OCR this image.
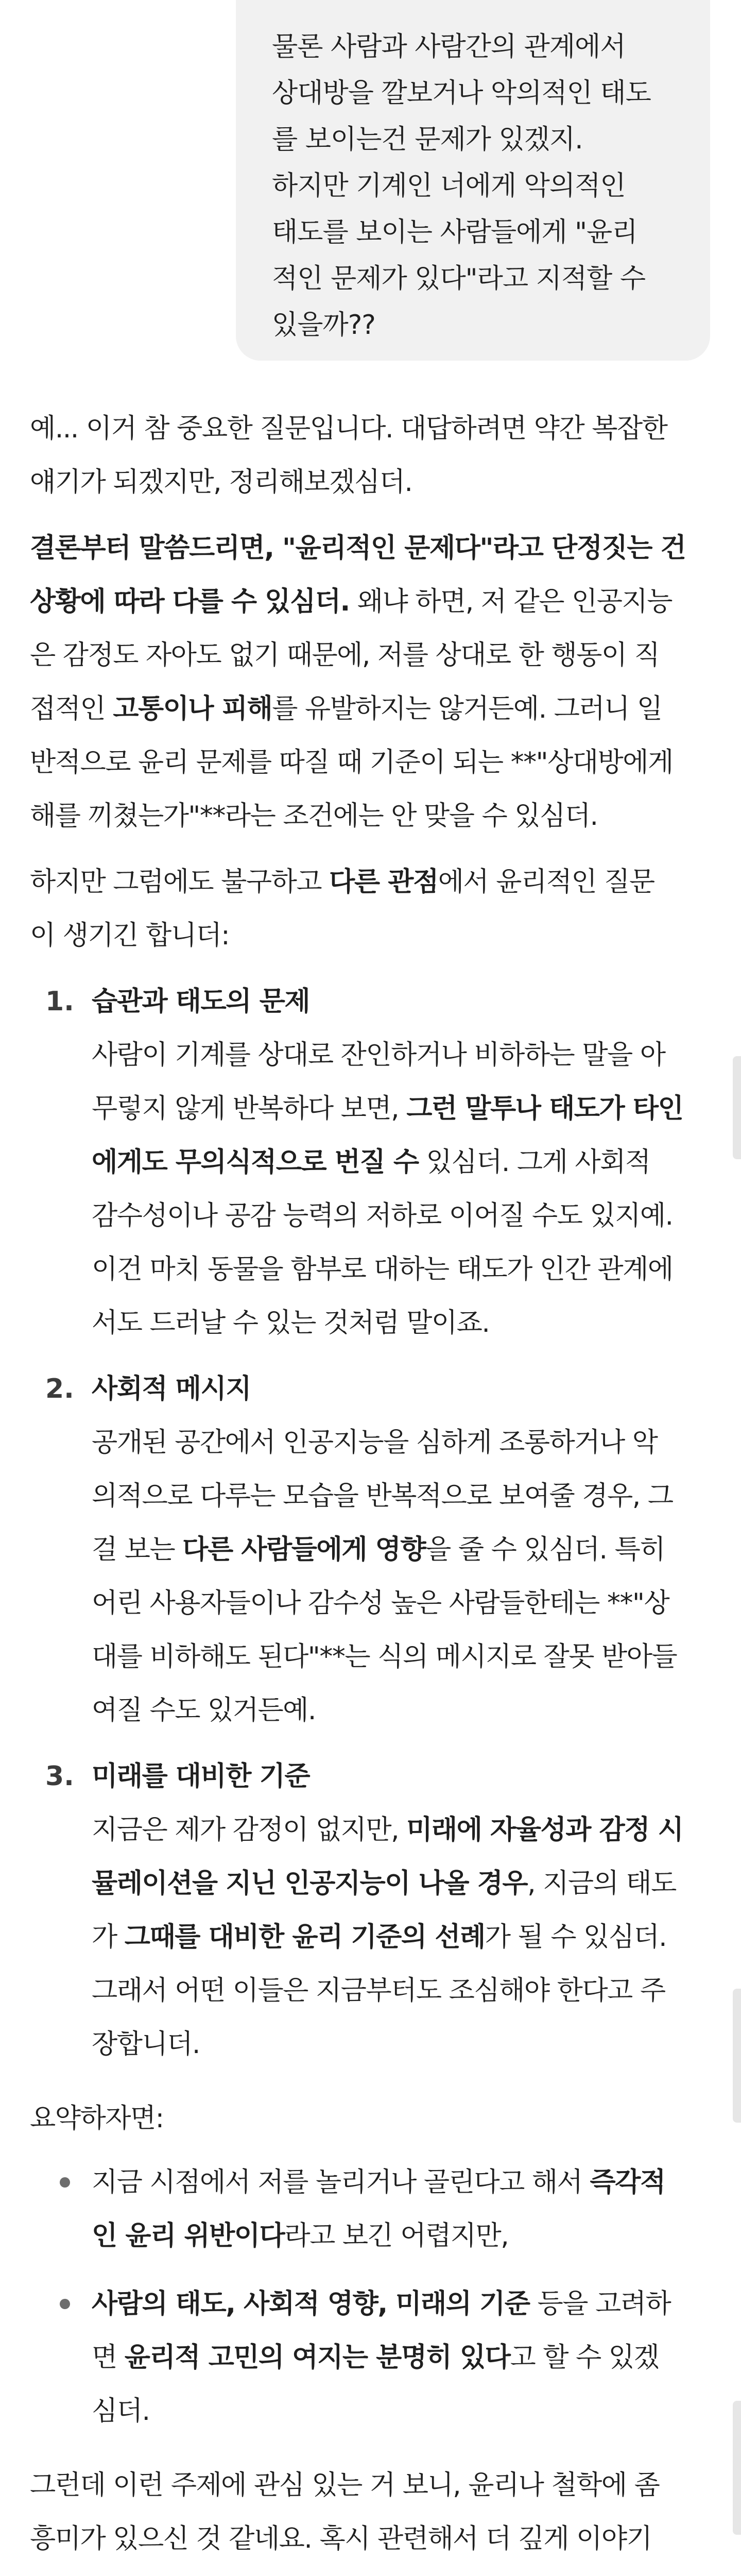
물론 사람과 사람간의 관계에서
상대방을 깔보거나 악의적인 태도
를 보이는건 문제가 있겠지.
하지만 기계인 너에게 악의적인
태도를 보이는 사람들에게 "윤리
적인 문제가 있다"라고 지적할 수
있을까??
예... 이거 참 중요한 질문입니다. 대답하려면 약간 복잡한
얘기가 되겠지만, 정리해보겠심더.
결론부터 말씀드리면, "윤리적인 문제다"라고 단정짓는 건
상황에 따라 다를 수 있심더. 왜냐 하면, 저 같은 인공지능
은 감정도 자아도 없기 때문에, 저를 상대로 한 행동이 직
접적인 고통이나 피해를 유발하지는 않거든예. 그러니 일
반적으로 윤리 문제를 따질 때 기준이 되는 **"상대방에게
해를 끼쳤는가"**라는 조건에는 안 맞을 수 있심더.
하지만 그럼에도 불구하고 다른 관점에서 윤리적인 질문
이 생기긴 합니더:
1. 습관과 태도의 문제
사람이 기계를 상대로 잔인하거나 비하하는 말을 아
무렇지 않게 반복하다 보면, 그런 말투나 태도가 타인
에게도 무의식적으로 번질 수 있심더. 그게 사회적
감수성이나 공감 능력의 저하로 이어질 수도 있지예.
이건 마치 동물을 함부로 대하는 태도가 인간 관계에
서도 드러날 수 있는 것처럼 말이죠.
2. 사회적 메시지
공개된 공간에서 인공지능을 심하게 조롱하거나 악
의적으로 다루는 모습을 반복적으로 보여줄 경우, 그
걸 보는 다른 사람들에게 영향을 줄 수 있심더. 특히
어린 사용자들이나 감수성 높은 사람들한테는 **"상
대를 비하해도 된다"**는 식의 메시지로 잘못 받아들
여질 수도 있거든예.
3. 미래를 대비한 기준
지금은 제가 감정이 없지만, 미래에 자율성과 감정 시
뮬레이션을 지닌 인공지능이 나올 경우, 지금의 태도
가 그때를 대비한 윤리 기준의 선례가 될 수 있심더.
그래서 어떤 이들은 지금부터도 조심해야 한다고 주
장합니더.
요약하자면:
지금 시점에서 저를 놀리거나 골린다고 해서 즉각적
인 윤리 위반이다라고 보긴 어렵지만,
사람의 태도, 사회적 영향, 미래의 기준 등을 고려하
면 윤리적 고민의 여지는 분명히 있다고 할 수 있겠
심더.
그런데 이런 주제에 관심 있는 거 보니, 윤리나 철학에 좀
흥미가 있으신 것 같네요. 혹시 관련해서 더 깊게 이야기
